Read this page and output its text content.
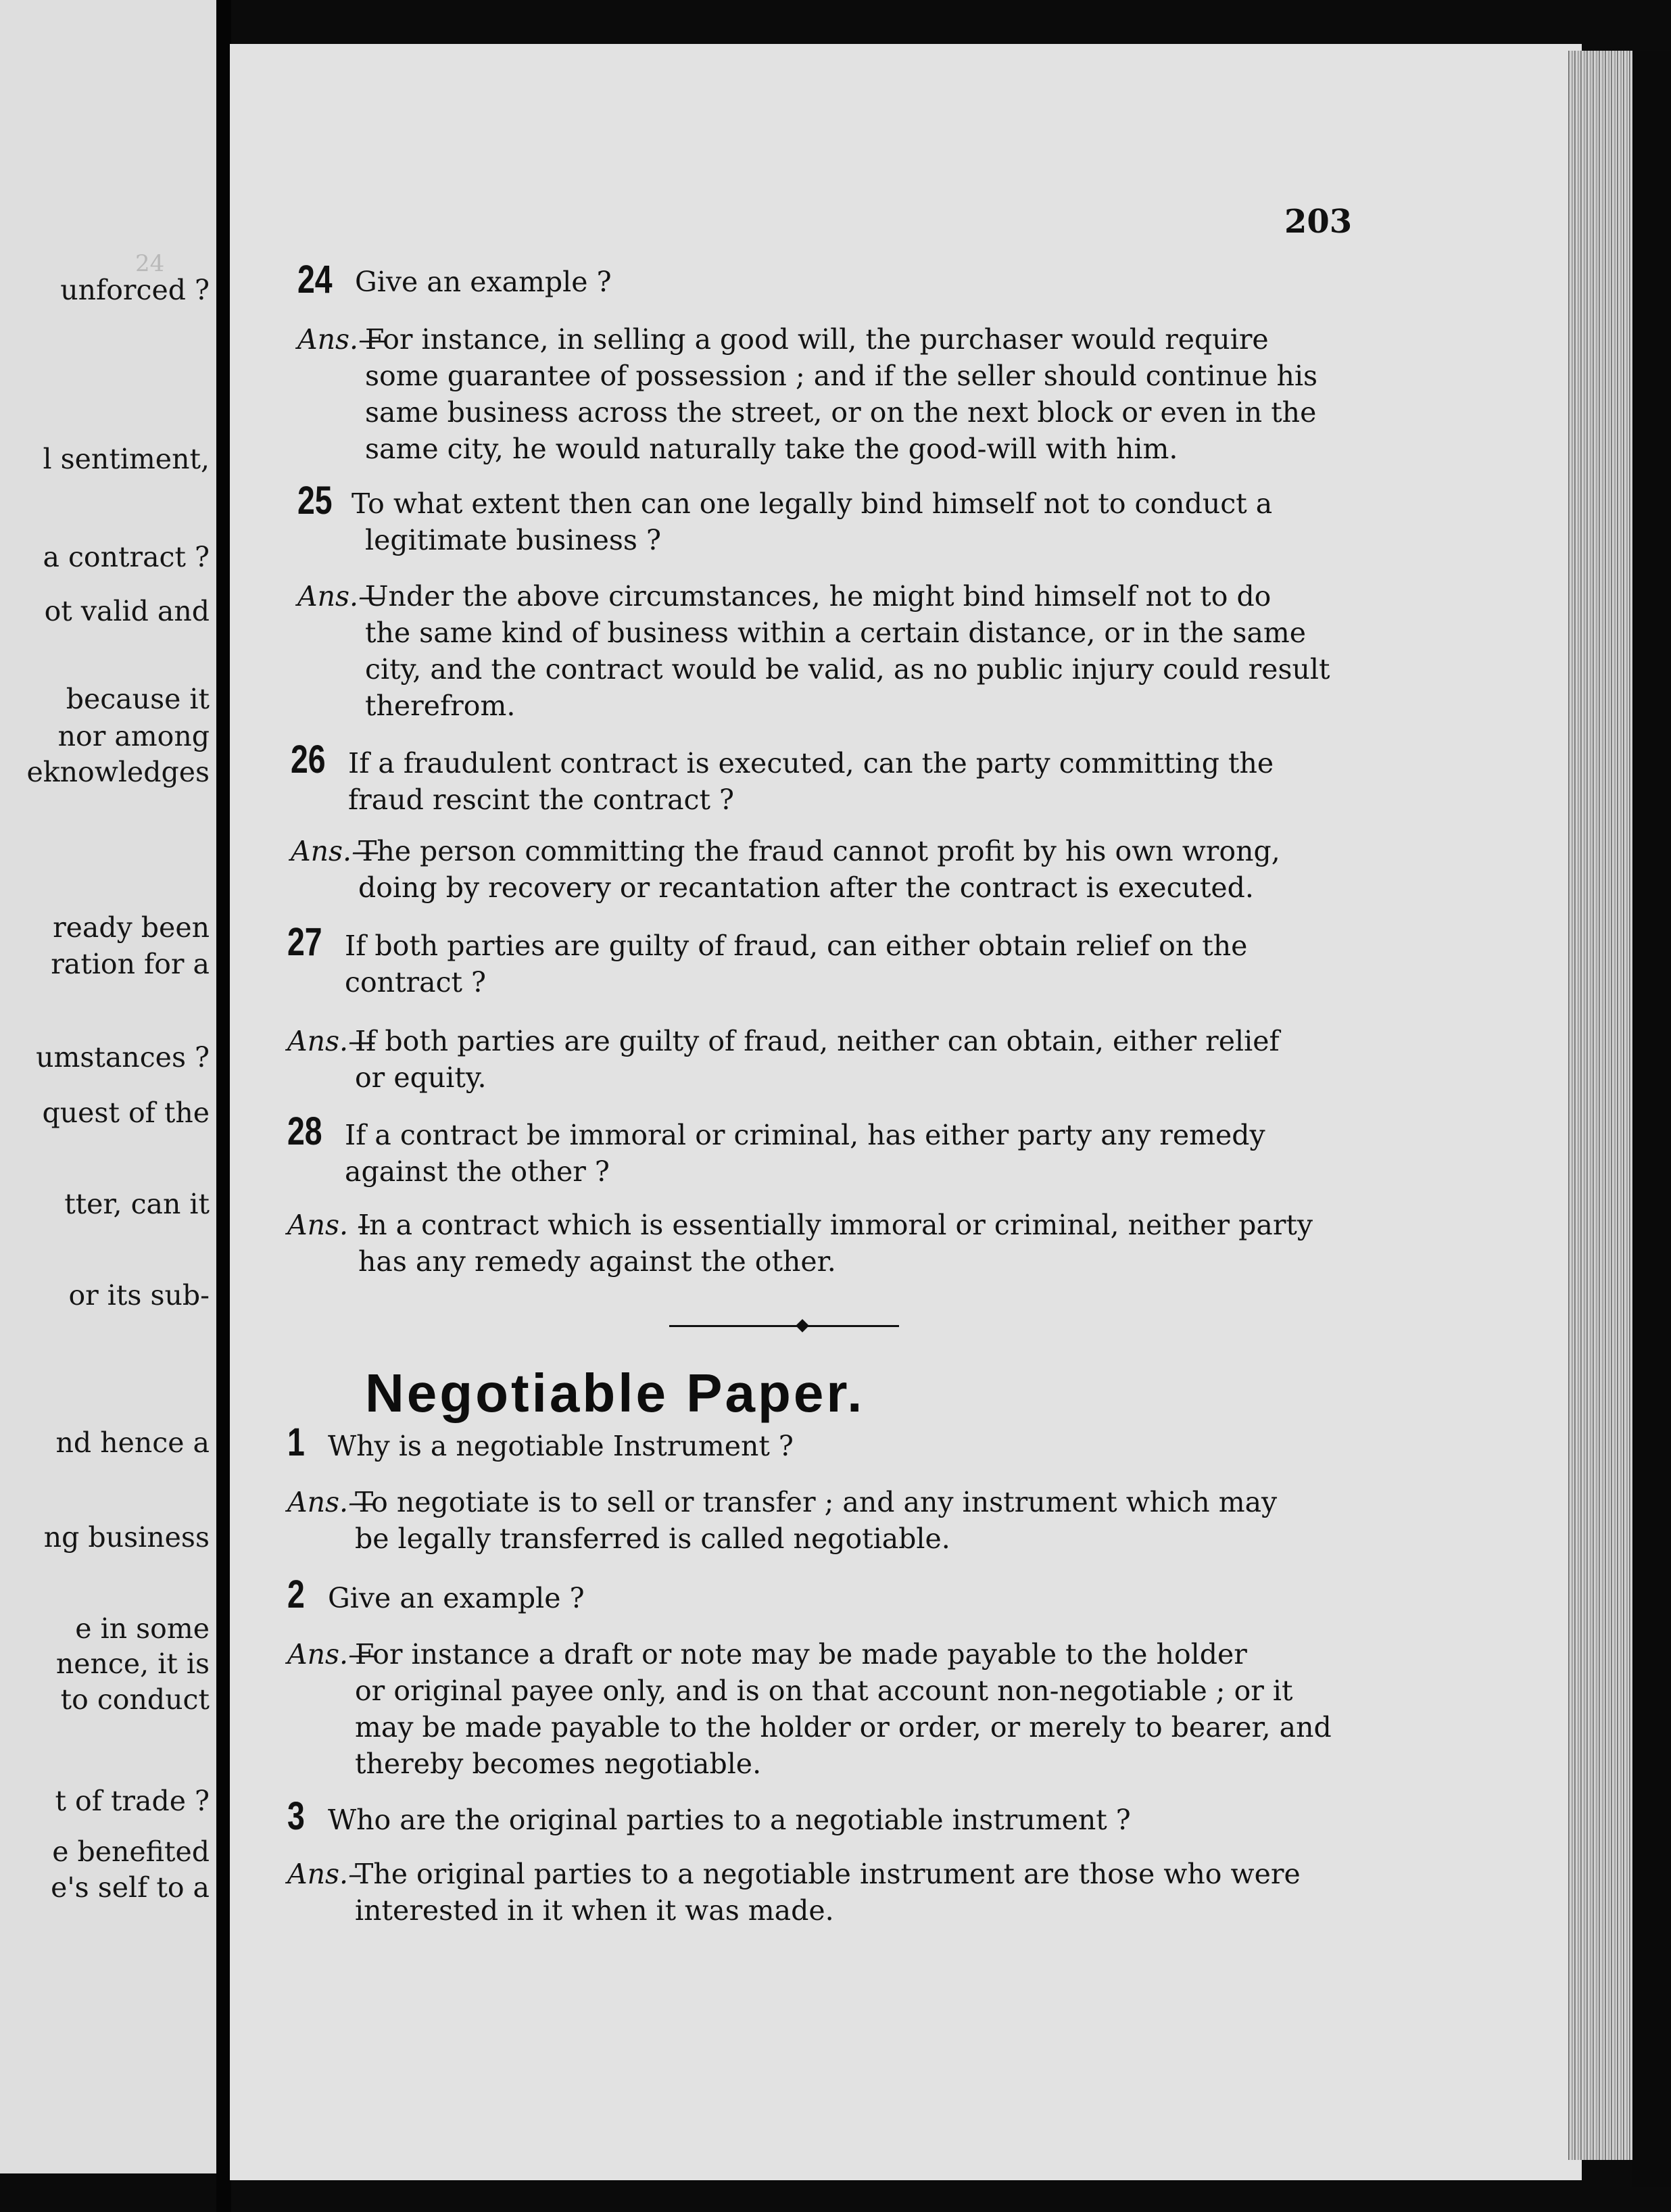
24
unforced ?
l sentiment,
a contract ?
ot valid and
because it
nor among
eknowledges
ready been
ration for a
umstances ?
quest of the
tter, can it
or its sub-
nd hence a
ng business
e in some
nence, it is
to conduct
t of trade ?
e benefited
e's self to a
203
24 Give an example ?
Ans.—
For instance, in selling a good will, the purchaser would require
some guarantee of possession ; and if the seller should continue his
same business across the street, or on the next block or even in the
same city, he would naturally take the good-will with him.
25 To what extent then can one legally bind himself not to conduct a
legitimate business ?
Ans.—
Under the above circumstances, he might bind himself not to do
the same kind of business within a certain distance, or in the same
city, and the contract would be valid, as no public injury could result
therefrom.
26 If a fraudulent contract is executed, can the party committing the
fraud rescint the contract ?
Ans.—
The person committing the fraud cannot profit by his own wrong,
doing by recovery or recantation after the contract is executed.
27 If both parties are guilty of fraud, can either obtain relief on the
contract ?
Ans.—
If both parties are guilty of fraud, neither can obtain, either relief
or equity.
28 If a contract be immoral or criminal, has either party any remedy
against the other ?
Ans. –
In a contract which is essentially immoral or criminal, neither party
has any remedy against the other.
Negotiable Paper.
1 Why is a negotiable Instrument ?
Ans.—
To negotiate is to sell or transfer ; and any instrument which may
be legally transferred is called negotiable.
2 Give an example ?
Ans.—
For instance a draft or note may be made payable to the holder
or original payee only, and is on that account non-negotiable ; or it
may be made payable to the holder or order, or merely to bearer, and
thereby becomes negotiable.
3 Who are the original parties to a negotiable instrument ?
Ans.–
The original parties to a negotiable instrument are those who were
interested in it when it was made.
